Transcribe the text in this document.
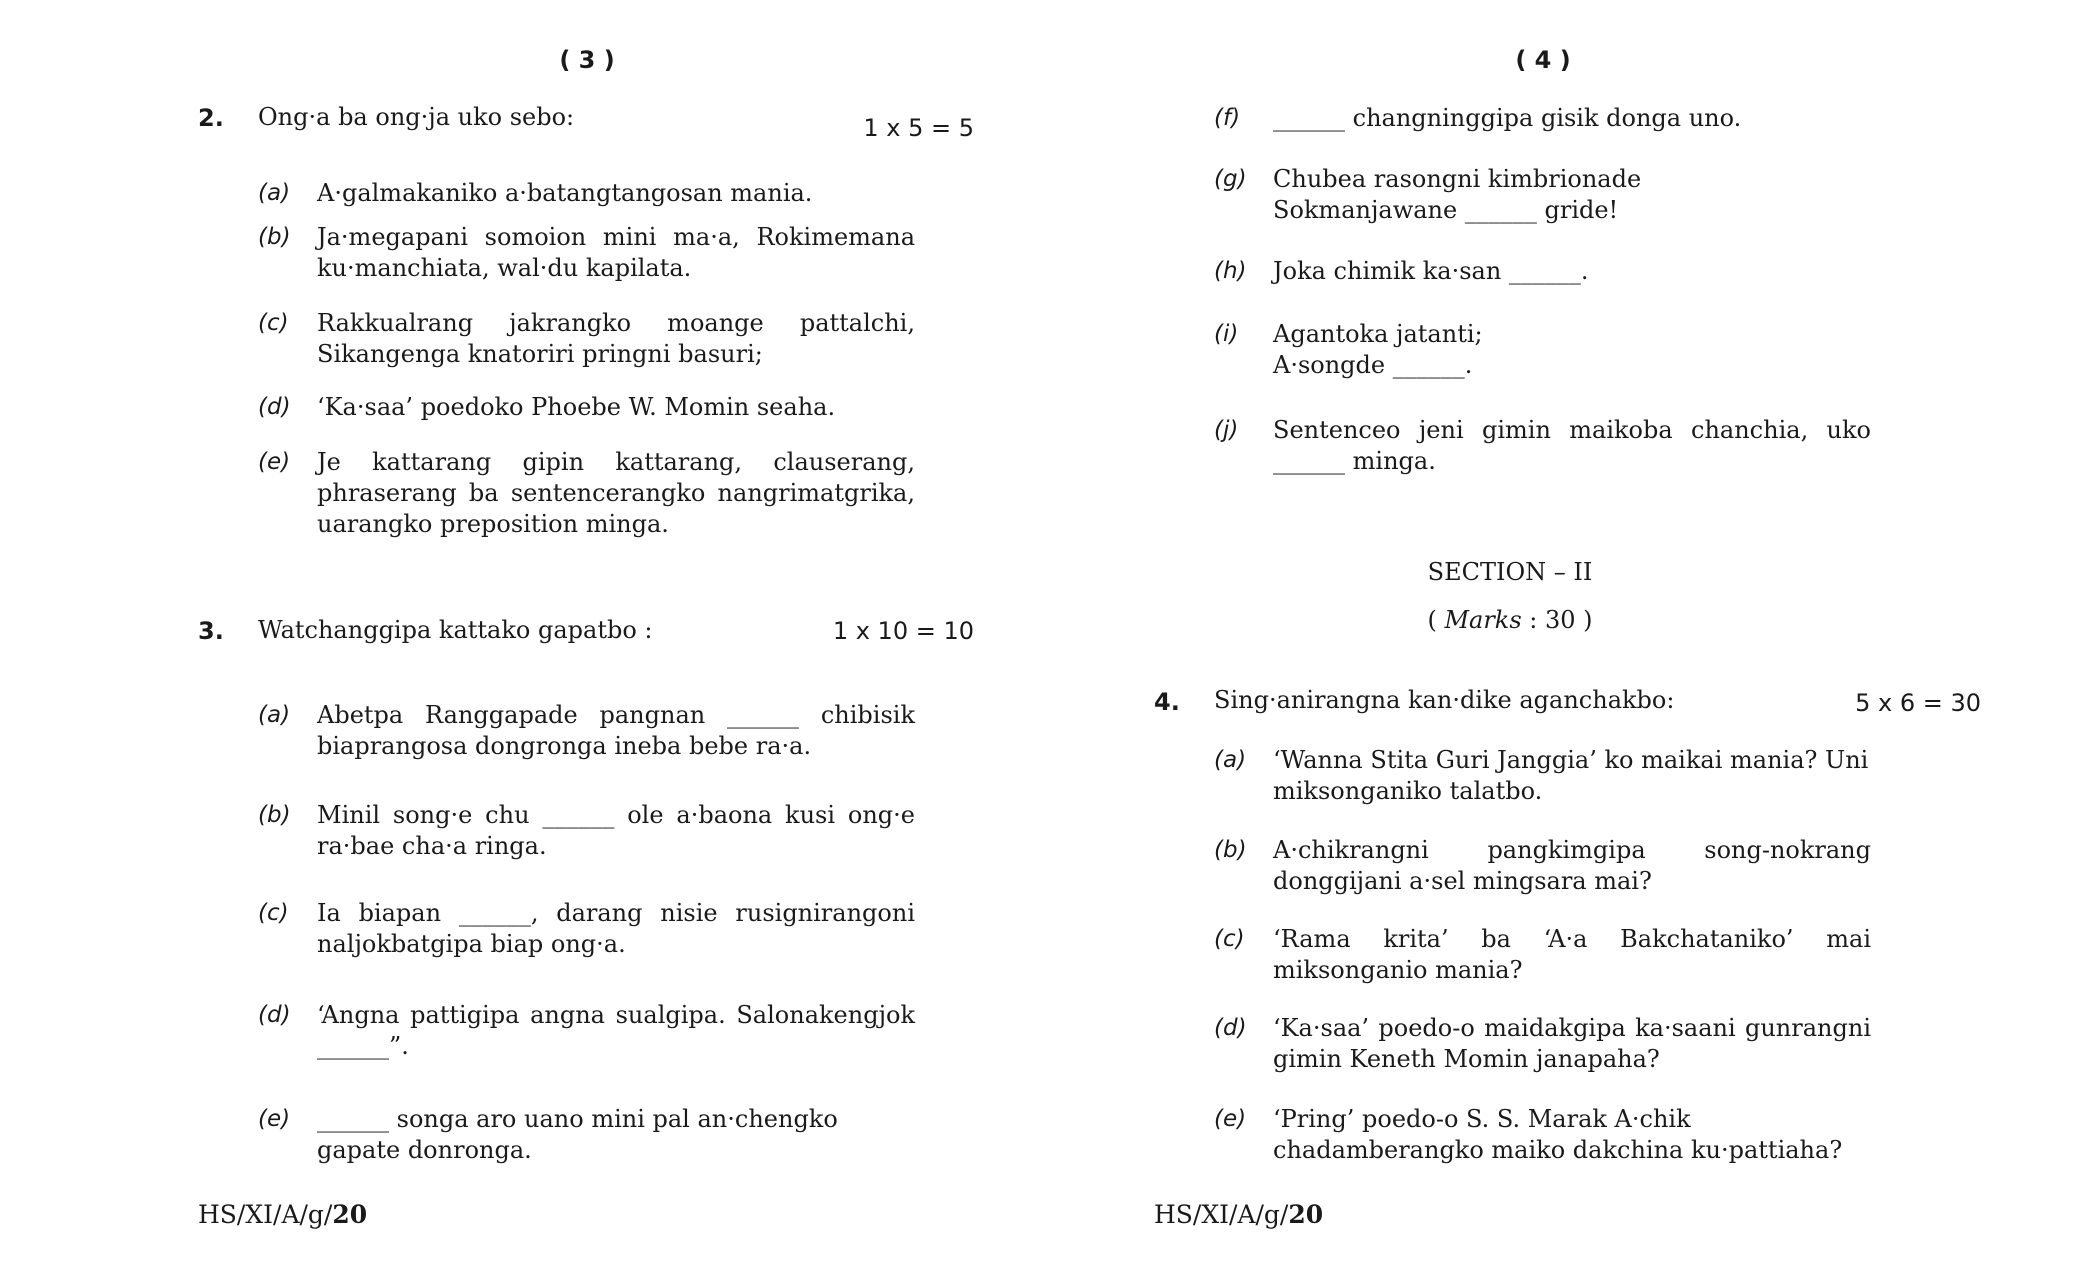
( 3 )
2. Ong·a ba ong·ja uko sebo:	1 x 5 = 5
(a) A·galmakaniko a·batangtangosan mania.
(b) Ja·megapani somoion mini ma·a, Rokimemana ku·manchiata, wal·du kapilata.
(c) Rakkualrang jakrangko moange pattalchi, Sikangenga knatoriri pringni basuri;
(d) ‘Ka·saa’ poedoko Phoebe W. Momin seaha.
(e) Je kattarang gipin kattarang, clauserang, phraserang ba sentencerangko nangrimatgrika, uarangko preposition minga.
3. Watchanggipa kattako gapatbo :	1 x 10 = 10
(a) Abetpa Ranggapade pangnan ______ chibisik biaprangosa dongronga ineba bebe ra·a.
(b) Minil song·e chu ______ ole a·baona kusi ong·e ra·bae cha·a ringa.
(c) Ia biapan ______, darang nisie rusignirangoni naljokbatgipa biap ong·a.
(d) ‘Angna pattigipa angna sualgipa. Salonakengjok ______”.
(e) ______ songa aro uano mini pal an·chengko gapate donronga.
HS/XI/A/g/20
( 4 )
(f) ______ changninggipa gisik donga uno.
(g) Chubea rasongni kimbrionade Sokmanjawane ______ gride!
(h) Joka chimik ka·san ______.
(i) Agantoka jatanti; A·songde ______.
(j) Sentenceo jeni gimin maikoba chanchia, uko ______ minga.
SECTION – II
( Marks : 30 )
4. Sing·anirangna kan·dike aganchakbo:	5 x 6 = 30
(a) ‘Wanna Stita Guri Janggia’ ko maikai mania? Uni miksonganiko talatbo.
(b) A·chikrangni pangkimgipa song-nokrang donggijani a·sel mingsara mai?
(c) ‘Rama krita’ ba ‘A·a Bakchataniko’ mai miksonganio mania?
(d) ‘Ka·saa’ poedo-o maidakgipa ka·saani gunrangni gimin Keneth Momin janapaha?
(e) ‘Pring’ poedo-o S. S. Marak A·chik chadamberangko maiko dakchina ku·pattiaha?
HS/XI/A/g/20
